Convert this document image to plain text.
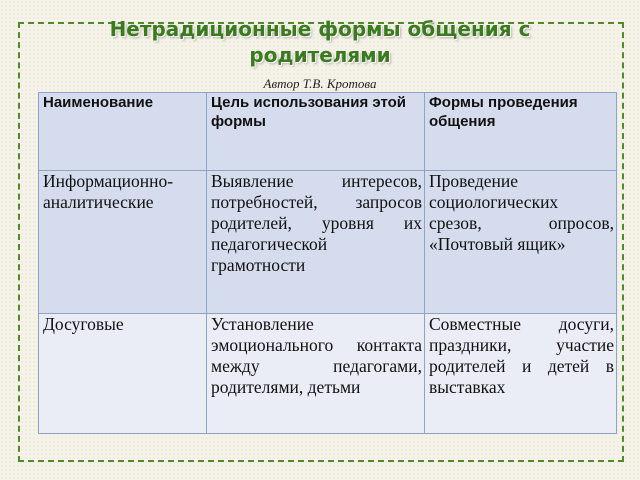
Нетрадиционные формы общения с родителями
Автор Т.В. Кротова
Наименование	Цель использования этой формы	Формы проведения общения
Информационно-аналитические	Выявление интересов, потребностей, запросов родителей, уровня их педагогической грамотности	Проведение социологических срезов, опросов, «Почтовый ящик»
Досуговые	Установление эмоционального контакта между педагогами, родителями, детьми	Совместные досуги, праздники, участие родителей и детей в выставках
